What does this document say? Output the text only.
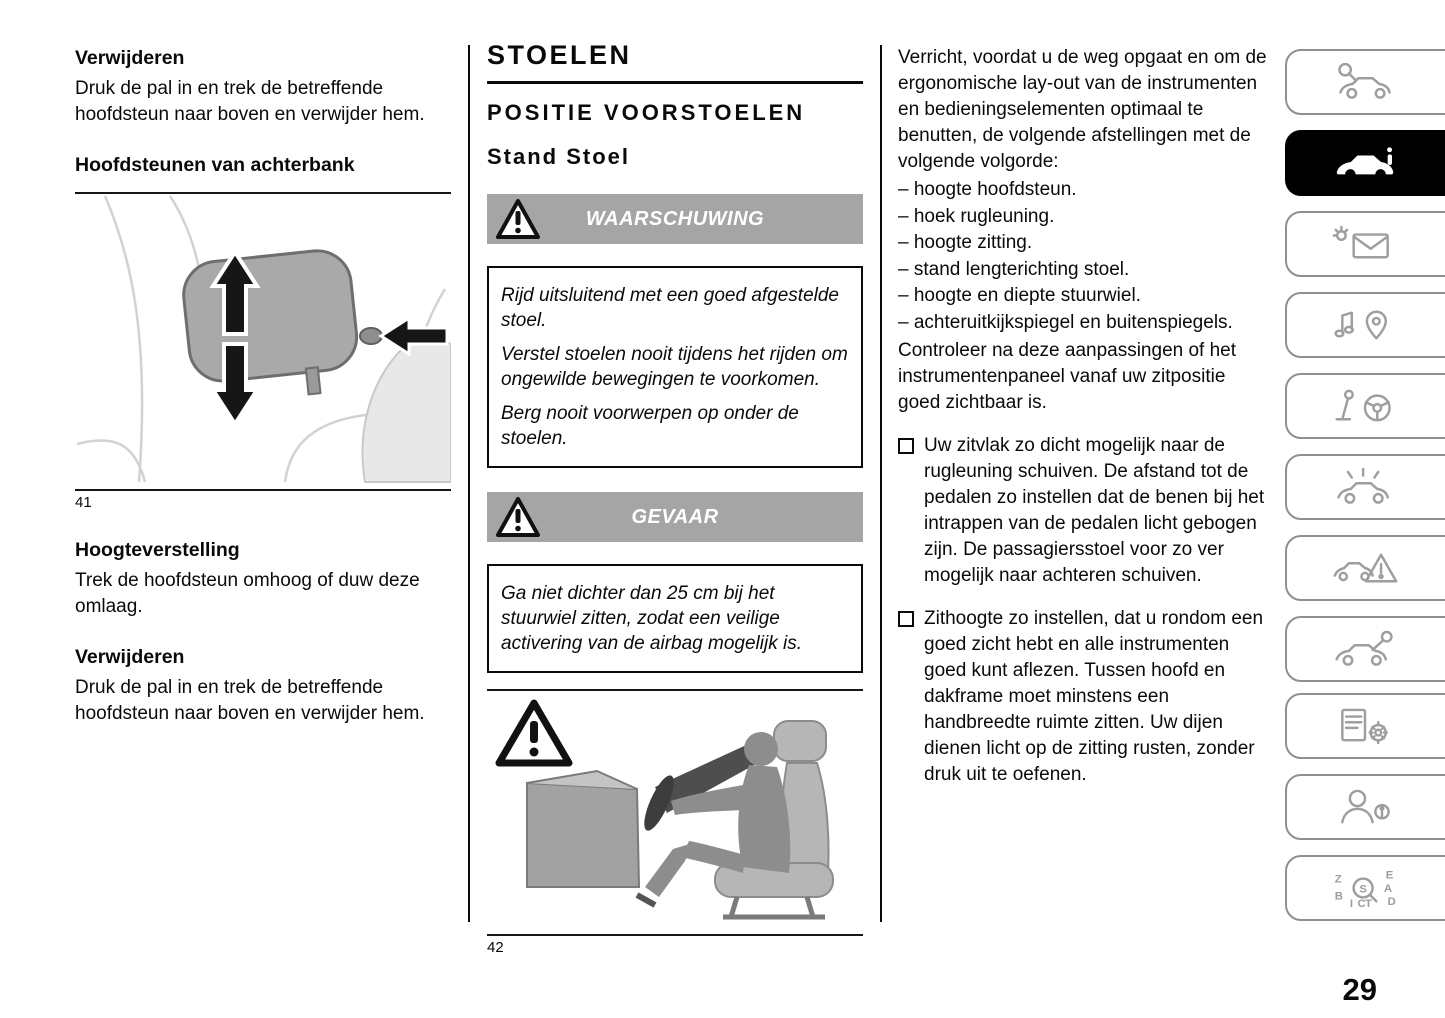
Verwijderen

Druk de pal in en trek de betreffende hoofdsteun naar boven en verwijder hem.

Hoofdsteunen van achterbank
41
Hoogteverstelling

Trek de hoofdsteun omhoog of duw deze omlaag.

Verwijderen

Druk de pal in en trek de betreffende hoofdsteun naar boven en verwijder hem.

STOELEN
POSITIE VOORSTOELEN
Stand Stoel
WAARSCHUWING

Rijd uitsluitend met een goed afgestelde stoel.

Verstel stoelen nooit tijdens het rijden om ongewilde bewegingen te voorkomen.

Berg nooit voorwerpen op onder de stoelen.

GEVAAR

Ga niet dichter dan 25 cm bij het stuurwiel zitten, zodat een veilige activering van de airbag mogelijk is.

42

Verricht, voordat u de weg opgaat en om de ergonomische lay-out van de instrumenten en bedieningselementen optimaal te benutten, de volgende afstellingen met de volgende volgorde:

– hoogte hoofdsteun.
– hoek rugleuning.
– hoogte zitting.
– stand lengterichting stoel.
– hoogte en diepte stuurwiel.
– achteruitkijkspiegel en buitenspiegels.

Controleer na deze aanpassingen of het instrumentenpaneel vanaf uw zitpositie goed zichtbaar is.

Uw zitvlak zo dicht mogelijk naar de rugleuning schuiven. De afstand tot de pedalen zo instellen dat de benen bij het intrappen van de pedalen licht gebogen zijn. De passagiersstoel voor zo ver mogelijk naar achteren schuiven.
Zithoogte zo instellen, dat u rondom een goed zicht hebt en alle instrumenten goed kunt aflezen. Tussen hoofd en dakframe moet minstens een handbreedte ruimte zitten. Uw dijen dienen licht op de zitting rusten, zonder druk uit te oefenen.
Z	E
B
A
D
I C T
S
29
